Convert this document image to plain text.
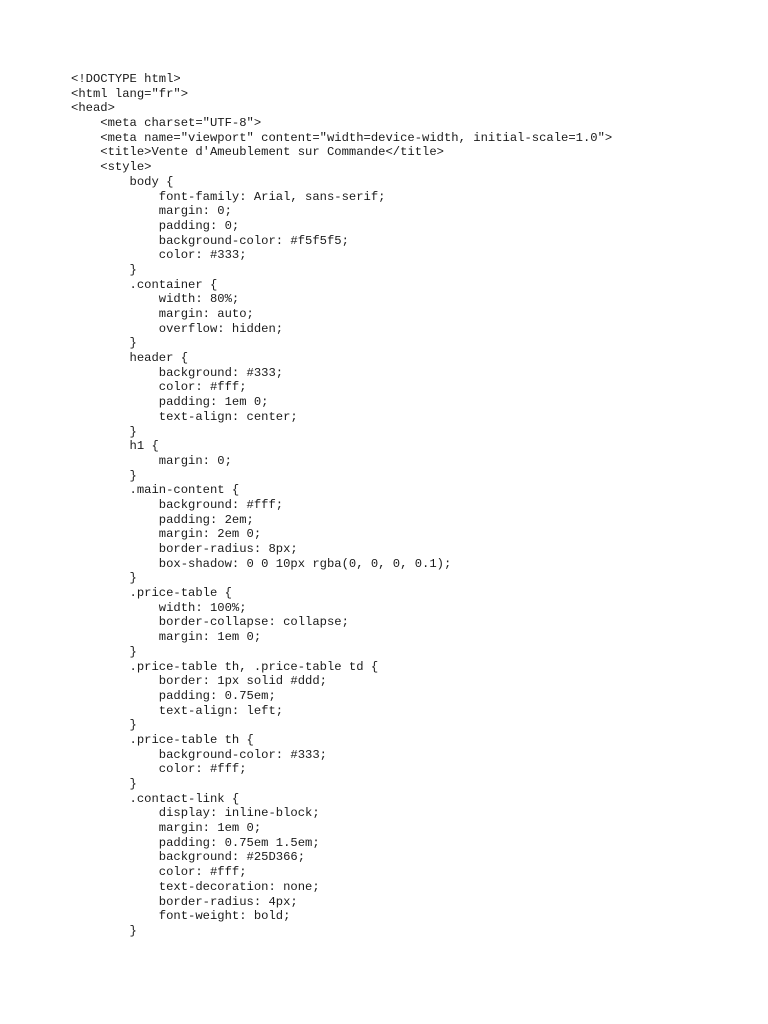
<!DOCTYPE html>
<html lang="fr">
<head>
<meta charset="UTF-8">
<meta name="viewport" content="width=device-width, initial-scale=1.0">
<title>Vente d'Ameublement sur Commande</title>
<style>
body {
font-family: Arial, sans-serif;
margin: 0;
padding: 0;
background-color: #f5f5f5;
color: #333;
}
.container {
width: 80%;
margin: auto;
overflow: hidden;
}
header {
background: #333;
color: #fff;
padding: 1em 0;
text-align: center;
}
h1 {
margin: 0;
}
.main-content {
background: #fff;
padding: 2em;
margin: 2em 0;
border-radius: 8px;
box-shadow: 0 0 10px rgba(0, 0, 0, 0.1);
}
.price-table {
width: 100%;
border-collapse: collapse;
margin: 1em 0;
}
.price-table th, .price-table td {
border: 1px solid #ddd;
padding: 0.75em;
text-align: left;
}
.price-table th {
background-color: #333;
color: #fff;
}
.contact-link {
display: inline-block;
margin: 1em 0;
padding: 0.75em 1.5em;
background: #25D366;
color: #fff;
text-decoration: none;
border-radius: 4px;
font-weight: bold;
}
